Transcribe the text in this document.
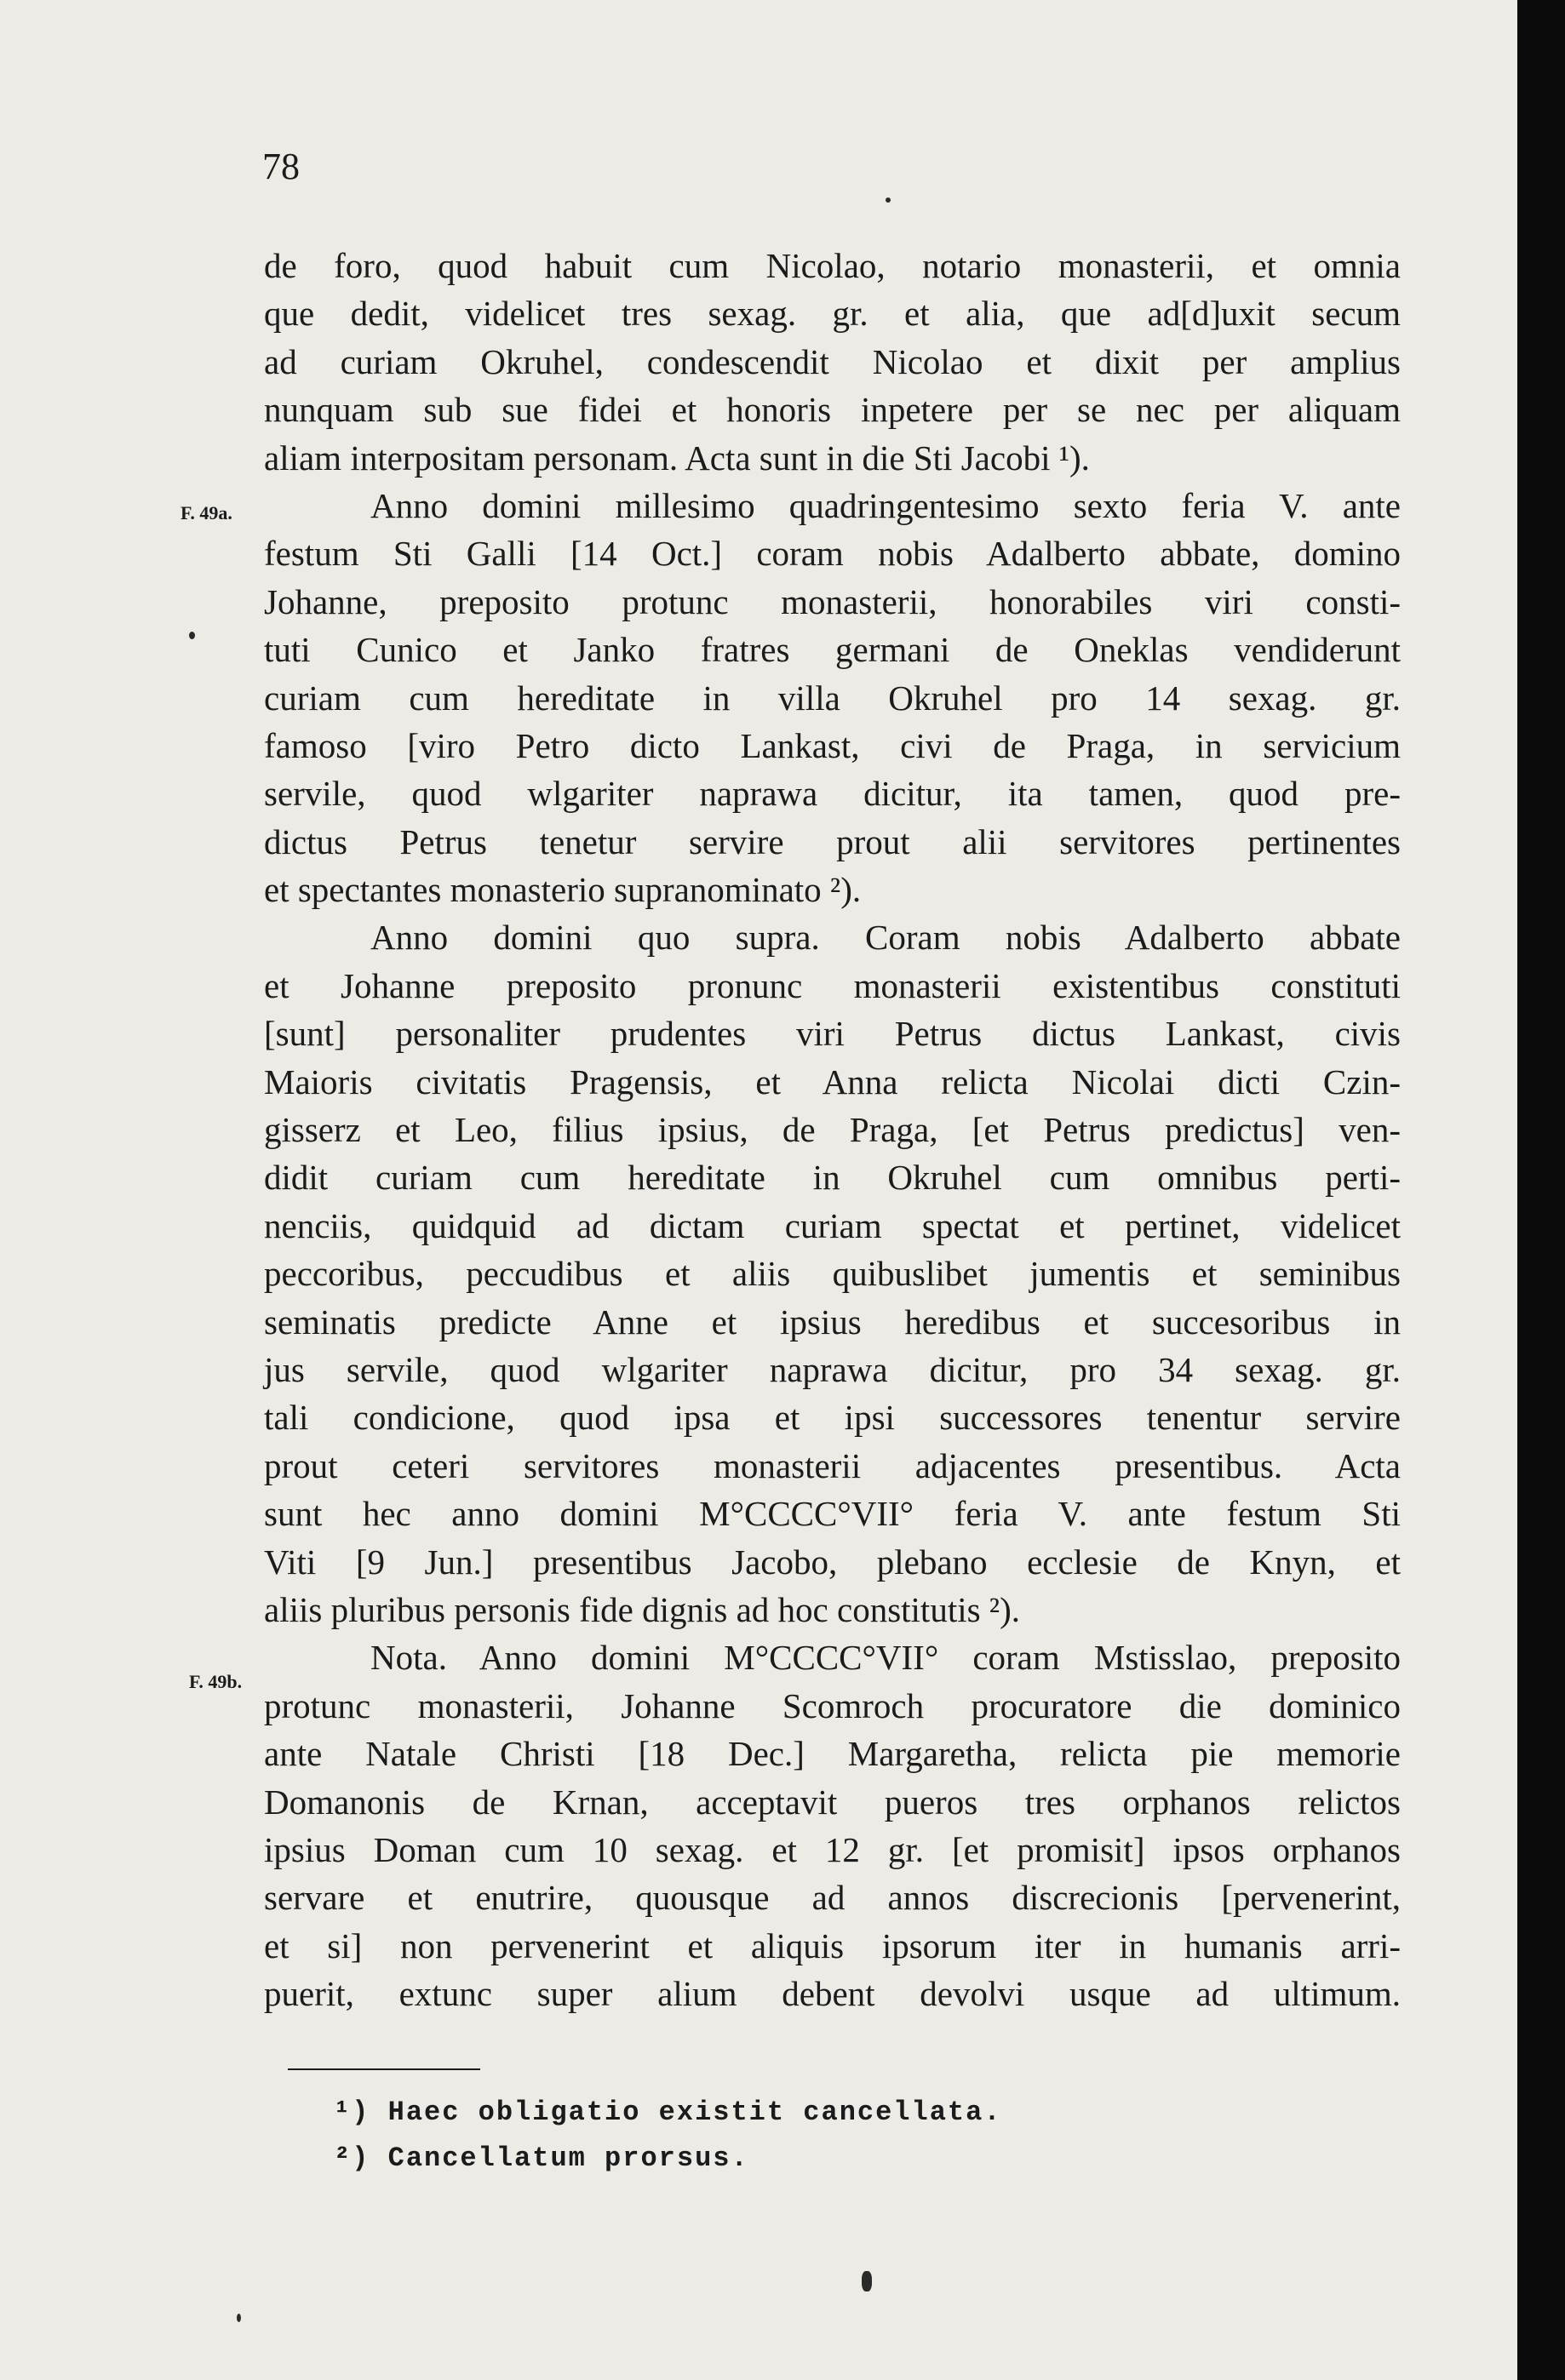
78
F. 49a.
F. 49b.
de foro, quod habuit cum Nicolao, notario monasterii, et omnia
que dedit, videlicet tres sexag. gr. et alia, que ad[d]uxit secum
ad curiam Okruhel, condescendit Nicolao et dixit per amplius
nunquam sub sue fidei et honoris inpetere per se nec per aliquam
aliam interpositam personam. Acta sunt in die Sti Jacobi ¹).
Anno domini millesimo quadringentesimo sexto feria V. ante
festum Sti Galli [14 Oct.] coram nobis Adalberto abbate, domino
Johanne, preposito protunc monasterii, honorabiles viri consti-
tuti Cunico et Janko fratres germani de Oneklas vendiderunt
curiam cum hereditate in villa Okruhel pro 14 sexag. gr.
famoso [viro Petro dicto Lankast, civi de Praga, in servicium
servile, quod wlgariter naprawa dicitur, ita tamen, quod pre-
dictus Petrus tenetur servire prout alii servitores pertinentes
et spectantes monasterio supranominato ²).
Anno domini quo supra. Coram nobis Adalberto abbate
et Johanne preposito pronunc monasterii existentibus constituti
[sunt] personaliter prudentes viri Petrus dictus Lankast, civis
Maioris civitatis Pragensis, et Anna relicta Nicolai dicti Czin-
gisserz et Leo, filius ipsius, de Praga, [et Petrus predictus] ven-
didit curiam cum hereditate in Okruhel cum omnibus perti-
nenciis, quidquid ad dictam curiam spectat et pertinet, videlicet
peccoribus, peccudibus et aliis quibuslibet jumentis et seminibus
seminatis predicte Anne et ipsius heredibus et succesoribus in
jus servile, quod wlgariter naprawa dicitur, pro 34 sexag. gr.
tali condicione, quod ipsa et ipsi successores tenentur servire
prout ceteri servitores monasterii adjacentes presentibus. Acta
sunt hec anno domini M°CCCC°VII° feria V. ante festum Sti
Viti [9 Jun.] presentibus Jacobo, plebano ecclesie de Knyn, et
aliis pluribus personis fide dignis ad hoc constitutis ²).
Nota. Anno domini M°CCCC°VII° coram Mstisslao, preposito
protunc monasterii, Johanne Scomroch procuratore die dominico
ante Natale Christi [18 Dec.] Margaretha, relicta pie memorie
Domanonis de Krnan, acceptavit pueros tres orphanos relictos
ipsius Doman cum 10 sexag. et 12 gr. [et promisit] ipsos orphanos
servare et enutrire, quousque ad annos discrecionis [pervenerint,
et si] non pervenerint et aliquis ipsorum iter in humanis arri-
puerit, extunc super alium debent devolvi usque ad ultimum.
¹) Haec obligatio existit cancellata.
²) Cancellatum prorsus.
